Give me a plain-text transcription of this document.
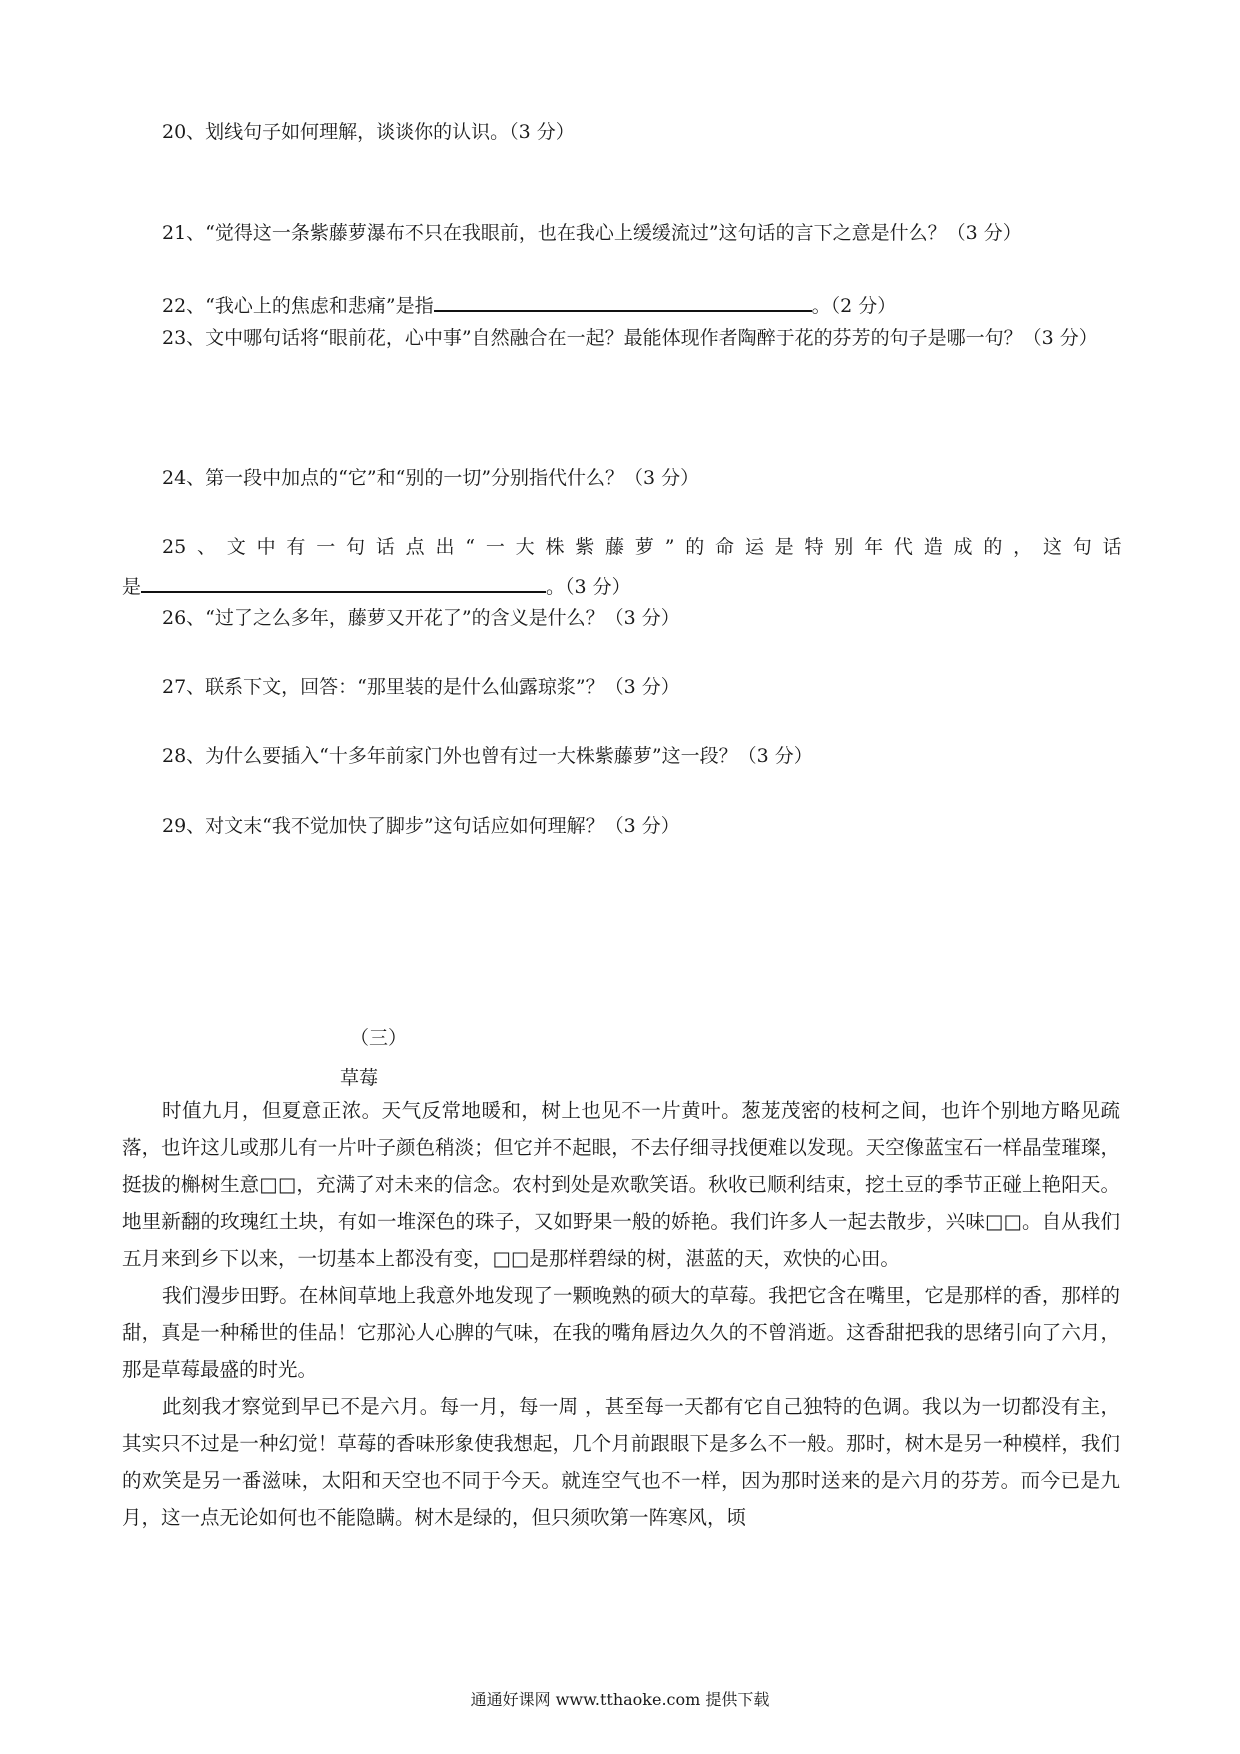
20、划线句子如何理解，谈谈你的认识。（3 分）
21、“觉得这一条紫藤萝瀑布不只在我眼前，也在我心上缓缓流过”这句话的言下之意是什么？（3 分）
22、“我心上的焦虑和悲痛”是指	。（2 分）

23、文中哪句话将“眼前花，心中事”自然融合在一起？最能体现作者陶醉于花的芬芳的句子是哪一句？（3 分）

24、第一段中加点的“它”和“别的一切”分别指代什么？（3 分）
25 、 文 中 有 一 句 话 点 出 “ 一 大 株 紫 藤 萝 ” 的 命 运 是 特 别 年 代 造 成 的 ， 这 句 话
是	。（3 分）
26、“过了之么多年，藤萝又开花了”的含义是什么？（3 分）
27、联系下文，回答：“那里装的是什么仙露琼浆”？（3 分）
28、为什么要插入“十多年前家门外也曾有过一大株紫藤萝”这一段？（3 分）
29、对文末“我不觉加快了脚步”这句话应如何理解？（3 分）
（三）
草莓

时值九月，但夏意正浓。天气反常地暖和，树上也见不一片黄叶。葱茏茂密的枝柯之间，也许个别地方略见疏落，也许这儿或那儿有一片叶子颜色稍淡；但它并不起眼，不去仔细寻找便难以发现。天空像蓝宝石一样晶莹璀璨，挺拔的槲树生意□□，充满了对未来的信念。农村到处是欢歌笑语。秋收已顺利结束，挖土豆的季节正碰上艳阳天。地里新翻的玫瑰红土块，有如一堆深色的珠子，又如野果一般的娇艳。我们许多人一起去散步，兴味□□。自从我们五月来到乡下以来，一切基本上都没有变，□□是那样碧绿的树，湛蓝的天，欢快的心田。

我们漫步田野。在林间草地上我意外地发现了一颗晚熟的硕大的草莓。我把它含在嘴里，它是那样的香，那样的甜，真是一种稀世的佳品！它那沁人心脾的气味，在我的嘴角唇边久久的不曾消逝。这香甜把我的思绪引向了六月，那是草莓最盛的时光。

此刻我才察觉到早已不是六月。每一月，每一周 ，甚至每一天都有它自己独特的色调。我以为一切都没有主，其实只不过是一种幻觉！草莓的香味形象使我想起，几个月前跟眼下是多么不一般。那时，树木是另一种模样，我们的欢笑是另一番滋味，太阳和天空也不同于今天。就连空气也不一样，因为那时送来的是六月的芬芳。而今已是九月，这一点无论如何也不能隐瞒。树木是绿的，但只须吹第一阵寒风，顷

通通好课网 www.tthaoke.com 提供下载
